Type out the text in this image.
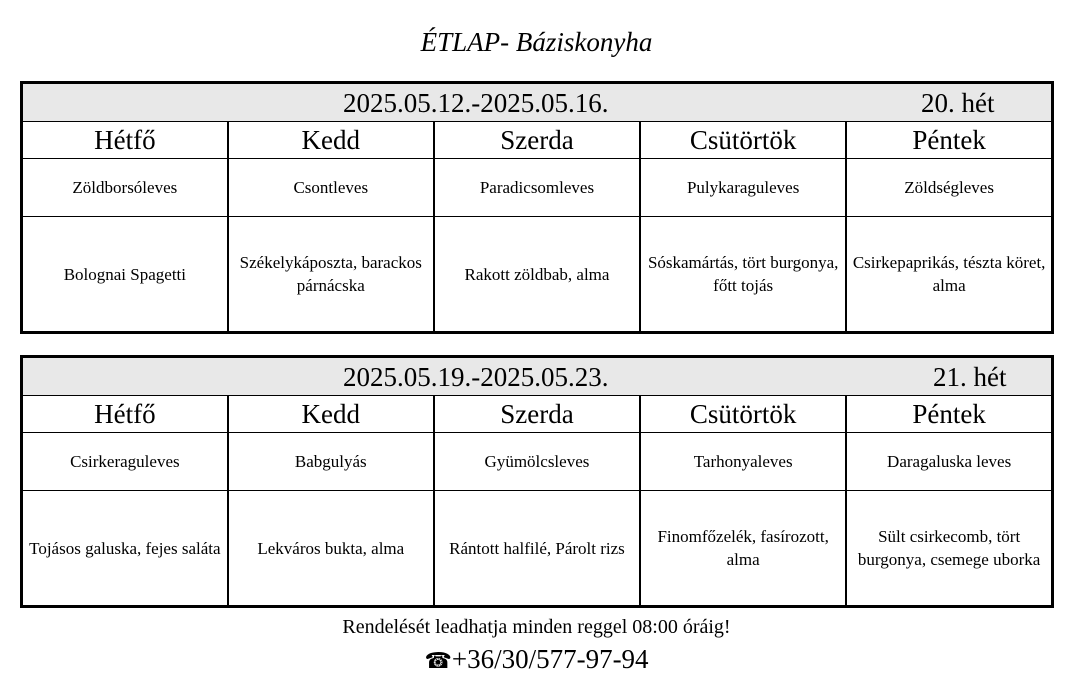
ÉTLAP- Báziskonyha
2025.05.12.-2025.05.16. 20. hét				

Hétfő	Kedd	Szerda	Csütörtök	Péntek
Zöldborsóleves	Csontleves	Paradicsomleves	Pulykaraguleves	Zöldségleves
Bolognai Spagetti	Székelykáposzta, barackos párnácska	Rakott zöldbab, alma	Sóskamártás, tört burgonya, főtt tojás	Csirkepaprikás, tészta köret, alma
2025.05.19.-2025.05.23. 21. hét				

Hétfő	Kedd	Szerda	Csütörtök	Péntek
Csirkeraguleves	Babgulyás	Gyümölcsleves	Tarhonyaleves	Daragaluska leves
Tojásos galuska, fejes saláta	Lekváros bukta, alma	Rántott halfilé, Párolt rizs	Finomfőzelék, fasírozott, alma	Sült csirkecomb, tört burgonya, csemege uborka
Rendelését leadhatja minden reggel 08:00 óráig!
☎+36/30/577-97-94
